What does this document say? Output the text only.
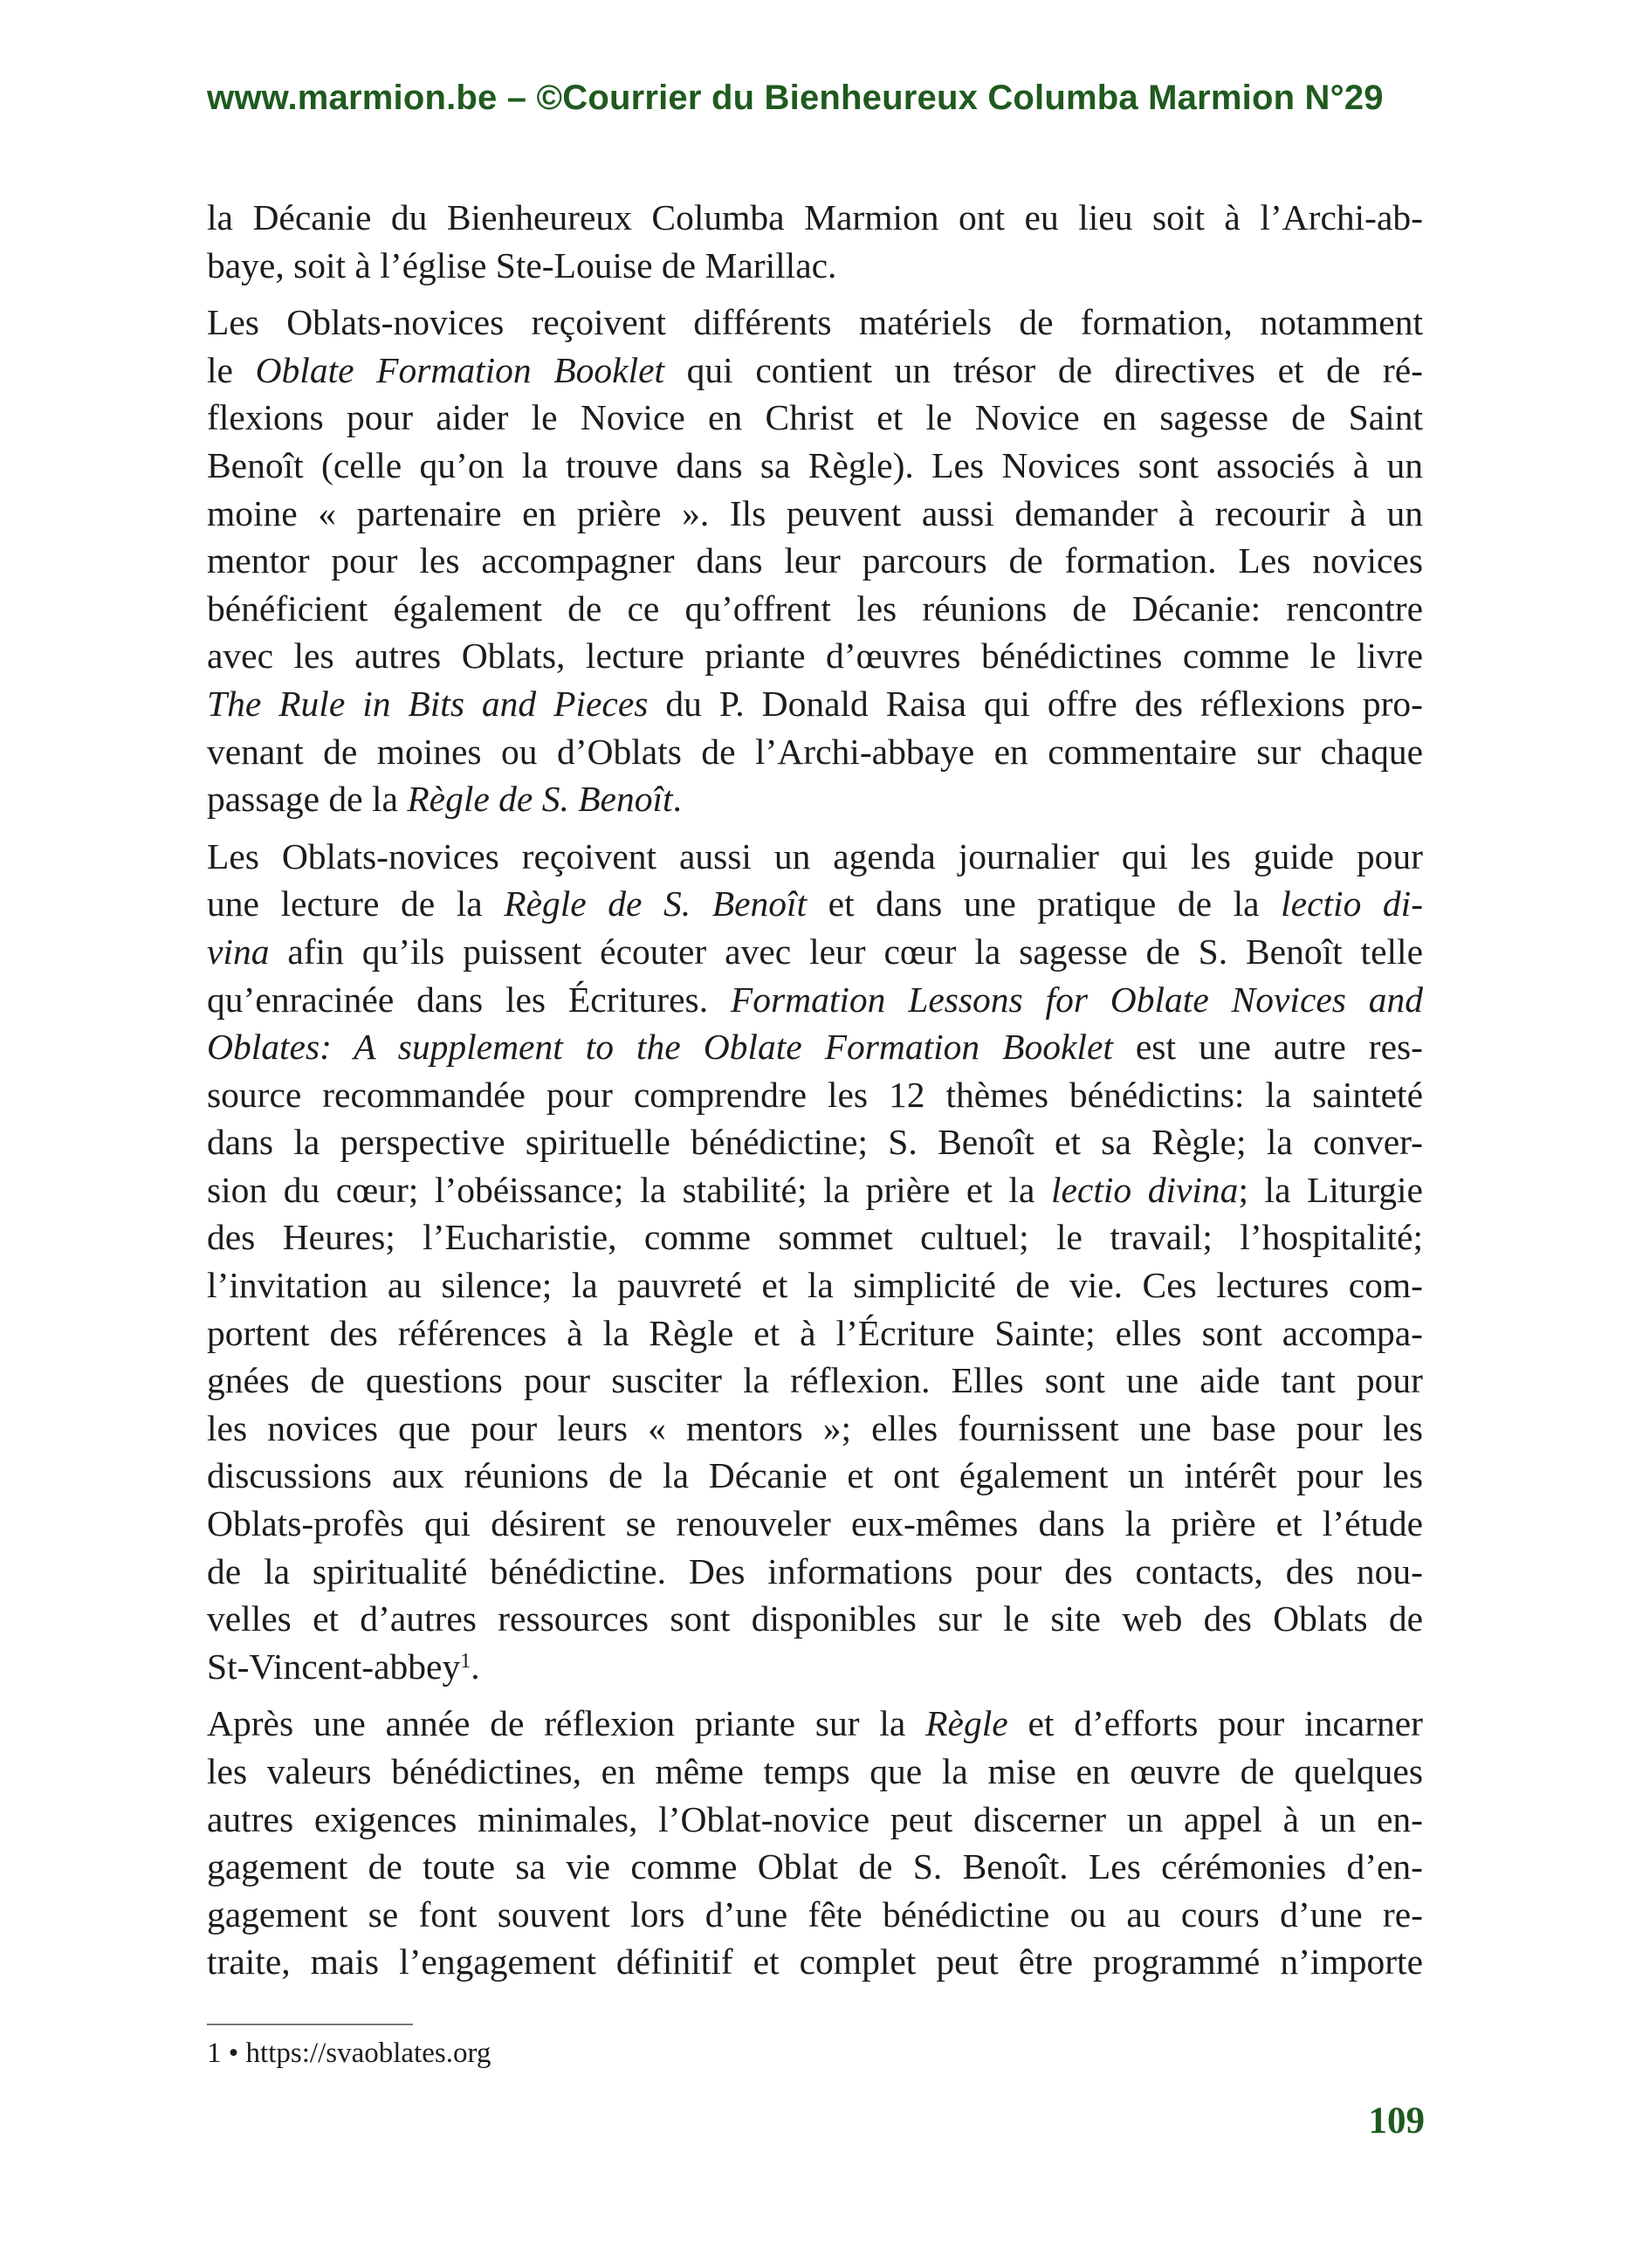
www.marmion.be – ©Courrier du Bienheureux Columba Marmion N°29

la Décanie du Bienheureux Columba Marmion ont eu lieu soit à l’Archi-ab-
baye, soit à l’église Ste-Louise de Marillac.

Les Oblats-novices reçoivent différents matériels de formation, notamment
le Oblate Formation Booklet qui contient un trésor de directives et de ré-
flexions pour aider le Novice en Christ et le Novice en sagesse de Saint
Benoît (celle qu’on la trouve dans sa Règle). Les Novices sont associés à un
moine « partenaire en prière ». Ils peuvent aussi demander à recourir à un
mentor pour les accompagner dans leur parcours de formation. Les novices
bénéficient également de ce qu’offrent les réunions de Décanie: rencontre
avec les autres Oblats, lecture priante d’œuvres bénédictines comme le livre
The Rule in Bits and Pieces du P. Donald Raisa qui offre des réflexions pro-
venant de moines ou d’Oblats de l’Archi-abbaye en commentaire sur chaque
passage de la Règle de S. Benoît.

Les Oblats-novices reçoivent aussi un agenda journalier qui les guide pour
une lecture de la Règle de S. Benoît et dans une pratique de la lectio di-
vina afin qu’ils puissent écouter avec leur cœur la sagesse de S. Benoît telle
qu’enracinée dans les Écritures. Formation Lessons for Oblate Novices and
Oblates: A supplement to the Oblate Formation Booklet est une autre res-
source recommandée pour comprendre les 12 thèmes bénédictins: la sainteté
dans la perspective spirituelle bénédictine; S. Benoît et sa Règle; la conver-
sion du cœur; l’obéissance; la stabilité; la prière et la lectio divina; la Liturgie
des Heures; l’Eucharistie, comme sommet cultuel; le travail; l’hospitalité;
l’invitation au silence; la pauvreté et la simplicité de vie. Ces lectures com-
portent des références à la Règle et à l’Écriture Sainte; elles sont accompa-
gnées de questions pour susciter la réflexion. Elles sont une aide tant pour
les novices que pour leurs « mentors »; elles fournissent une base pour les
discussions aux réunions de la Décanie et ont également un intérêt pour les
Oblats-profès qui désirent se renouveler eux-mêmes dans la prière et l’étude
de la spiritualité bénédictine. Des informations pour des contacts, des nou-
velles et d’autres ressources sont disponibles sur le site web des Oblats de
St-Vincent-abbey$^1$.

Après une année de réflexion priante sur la Règle et d’efforts pour incarner
les valeurs bénédictines, en même temps que la mise en œuvre de quelques
autres exigences minimales, l’Oblat-novice peut discerner un appel à un en-
gagement de toute sa vie comme Oblat de S. Benoît. Les cérémonies d’en-
gagement se font souvent lors d’une fête bénédictine ou au cours d’une re-
traite, mais l’engagement définitif et complet peut être programmé n’importe

1 • https://svaoblates.org
109
